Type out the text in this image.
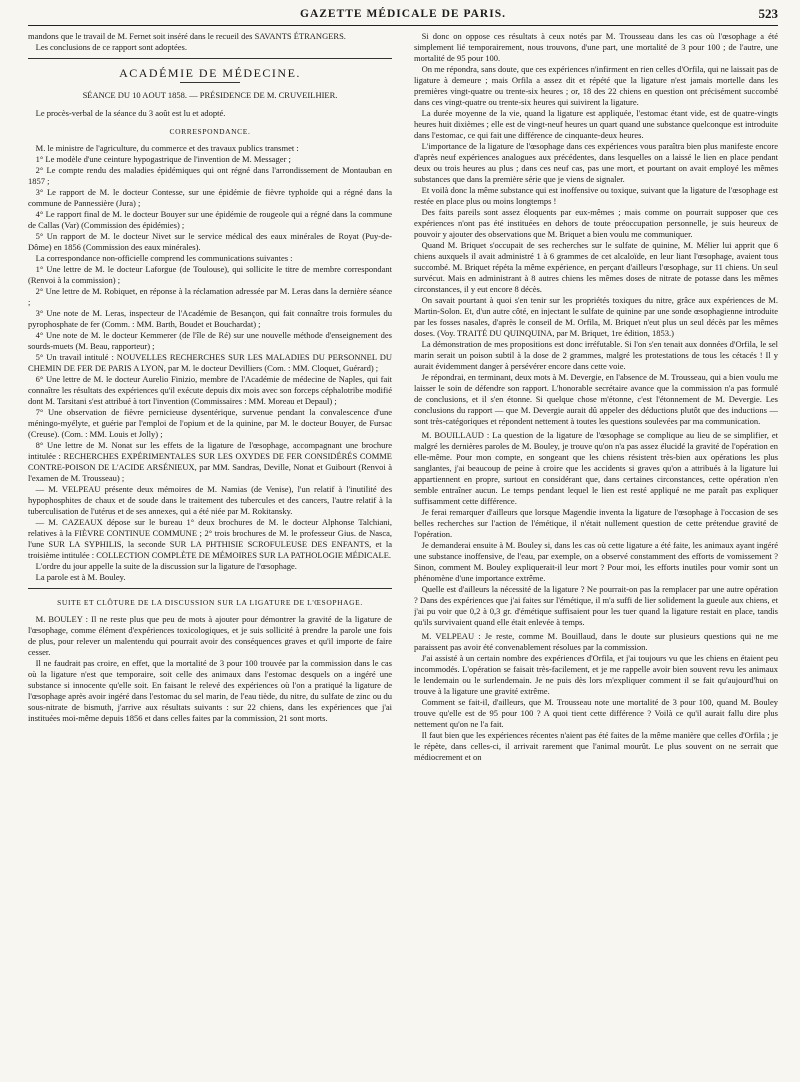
GAZETTE MÉDICALE DE PARIS.	523

mandons que le travail de M. Fernet soit inséré dans le recueil des SAVANTS ÉTRANGERS.

Les conclusions de ce rapport sont adoptées.

ACADÉMIE DE MÉDECINE.
SÉANCE DU 10 AOUT 1858. — PRÉSIDENCE DE M. CRUVEILHIER.

Le procès-verbal de la séance du 3 août est lu et adopté.

CORRESPONDANCE.

M. le ministre de l'agriculture, du commerce et des travaux publics transmet :

1° Le modèle d'une ceinture hypogastrique de l'invention de M. Messager ;

2° Le compte rendu des maladies épidémiques qui ont régné dans l'arrondissement de Montauban en 1857 ;

3° Le rapport de M. le docteur Contesse, sur une épidémie de fièvre typhoïde qui a régné dans la commune de Pannessière (Jura) ;

4° Le rapport final de M. le docteur Bouyer sur une épidémie de rougeole qui a régné dans la commune de Callas (Var) (Commission des épidémies) ;

5° Un rapport de M. le docteur Nivet sur le service médical des eaux minérales de Royat (Puy-de-Dôme) en 1856 (Commission des eaux minérales).

La correspondance non-officielle comprend les communications suivantes :

1° Une lettre de M. le docteur Laforgue (de Toulouse), qui sollicite le titre de membre correspondant (Renvoi à la commission) ;

2° Une lettre de M. Robiquet, en réponse à la réclamation adressée par M. Leras dans la dernière séance ;

3° Une note de M. Leras, inspecteur de l'Académie de Besançon, qui fait connaître trois formules du pyrophosphate de fer (Comm. : MM. Barth, Boudet et Bouchardat) ;

4° Une note de M. le docteur Kemmerer (de l'île de Ré) sur une nouvelle méthode d'enseignement des sourds-muets (M. Beau, rapporteur) ;

5° Un travail intitulé : NOUVELLES RECHERCHES SUR LES MALADIES DU PERSONNEL DU CHEMIN DE FER DE PARIS A LYON, par M. le docteur Devilliers (Com. : MM. Cloquet, Guérard) ;

6° Une lettre de M. le docteur Aurelio Finizio, membre de l'Académie de médecine de Naples, qui fait connaître les résultats des expériences qu'il exécute depuis dix mois avec son forceps céphalotribe modifié dont M. Tarsitani s'est attribué à tort l'invention (Commissaires : MM. Moreau et Depaul) ;

7° Une observation de fièvre pernicieuse dysentérique, survenue pendant la convalescence d'une méningo-myélyte, et guérie par l'emploi de l'opium et de la quinine, par M. le docteur Bouyer, de Fursac (Creuse). (Com. : MM. Louis et Jolly) ;

8° Une lettre de M. Nonat sur les effets de la ligature de l'œsophage, accompagnant une brochure intitulée : RECHERCHES EXPÉRIMENTALES SUR LES OXYDES DE FER CONSIDÉRÉS COMME CONTRE-POISON DE L'ACIDE ARSÉNIEUX, par MM. Sandras, Deville, Nonat et Guibourt (Renvoi à l'examen de M. Trousseau) ;

— M. VELPEAU présente deux mémoires de M. Namias (de Venise), l'un relatif à l'inutilité des hypophosphites de chaux et de soude dans le traitement des tubercules et des cancers, l'autre relatif à la tuberculisation de l'utérus et de ses annexes, qui a été niée par M. Rokitansky.

— M. CAZEAUX dépose sur le bureau 1° deux brochures de M. le docteur Alphonse Talchiani, relatives à la FIÈVRE CONTINUE COMMUNE ; 2° trois brochures de M. le professeur Gius. de Nasca, l'une SUR LA SYPHILIS, la seconde SUR LA PHTHISIE SCROFULEUSE DES ENFANTS, et la troisième intitulée : COLLECTION COMPLÈTE DE MÉMOIRES SUR LA PATHOLOGIE MÉDICALE.

L'ordre du jour appelle la suite de la discussion sur la ligature de l'œsophage.

La parole est à M. Bouley.

SUITE ET CLÔTURE DE LA DISCUSSION SUR LA LIGATURE DE L'ŒSOPHAGE.

M. BOULEY : Il ne reste plus que peu de mots à ajouter pour démontrer la gravité de la ligature de l'œsophage, comme élément d'expériences toxicologiques, et je suis sollicité à prendre la parole une fois de plus, pour relever un malentendu qui pourrait avoir des conséquences graves et qu'il importe de faire cesser.

Il ne faudrait pas croire, en effet, que la mortalité de 3 pour 100 trouvée par la commission dans le cas où la ligature n'est que temporaire, soit celle des animaux dans l'estomac desquels on a ingéré une substance si innocente qu'elle soit. En faisant le relevé des expériences où l'on a pratiqué la ligature de l'œsophage après avoir ingéré dans l'estomac du sel marin, de l'eau tiède, du nitre, du sulfate de zinc ou du sous-nitrate de bismuth, j'arrive aux résultats suivants : sur 22 chiens, dans les expériences que j'ai instituées moi-même depuis 1856 et dans celles faites par la commission, 21 sont morts.

Si donc on oppose ces résultats à ceux notés par M. Trousseau dans les cas où l'œsophage a été simplement lié temporairement, nous trouvons, d'une part, une mortalité de 3 pour 100 ; de l'autre, une mortalité de 95 pour 100.

On me répondra, sans doute, que ces expériences n'infirment en rien celles d'Orfila, qui ne laissait pas de ligature à demeure ; mais Orfila a assez dit et répété que la ligature n'est jamais mortelle dans les premières vingt-quatre ou trente-six heures ; or, 18 des 22 chiens en question ont précisément succombé dans ces vingt-quatre ou trente-six heures qui suivirent la ligature.

La durée moyenne de la vie, quand la ligature est appliquée, l'estomac étant vide, est de quatre-vingts heures huit dixièmes ; elle est de vingt-neuf heures un quart quand une substance quelconque est introduite dans l'estomac, ce qui fait une différence de cinquante-deux heures.

L'importance de la ligature de l'œsophage dans ces expériences vous paraîtra bien plus manifeste encore d'après neuf expériences analogues aux précédentes, dans lesquelles on a laissé le lien en place pendant deux ou trois heures au plus ; dans ces neuf cas, pas une mort, et pourtant on avait employé les mêmes substances que dans la première série que je viens de signaler.

Et voilà donc la même substance qui est inoffensive ou toxique, suivant que la ligature de l'œsophage est restée en place plus ou moins longtemps !

Des faits pareils sont assez éloquents par eux-mêmes ; mais comme on pourrait supposer que ces expériences n'ont pas été instituées en dehors de toute préoccupation personnelle, je suis heureux de pouvoir y ajouter des observations que M. Briquet a bien voulu me communiquer.

Quand M. Briquet s'occupait de ses recherches sur le sulfate de quinine, M. Mélier lui apprit que 6 chiens auxquels il avait administré 1 à 6 grammes de cet alcaloïde, en leur liant l'œsophage, avaient tous succombé. M. Briquet répéta la même expérience, en perçant d'ailleurs l'œsophage, sur 11 chiens. Un seul survécut. Mais en administrant à 8 autres chiens les mêmes doses de nitrate de potasse dans les mêmes circonstances, il y eut encore 8 décès.

On savait pourtant à quoi s'en tenir sur les propriétés toxiques du nitre, grâce aux expériences de M. Martin-Solon. Et, d'un autre côté, en injectant le sulfate de quinine par une sonde œsophagienne introduite par les fosses nasales, d'après le conseil de M. Orfila, M. Briquet n'eut plus un seul décès par les mêmes doses. (Voy. TRAITÉ DU QUINQUINA, par M. Briquet, 1re édition, 1853.)

La démonstration de mes propositions est donc irréfutable. Si l'on s'en tenait aux données d'Orfila, le sel marin serait un poison subtil à la dose de 2 grammes, malgré les protestations de tous les cétacés ! Il y aurait évidemment danger à persévérer encore dans cette voie.

Je répondrai, en terminant, deux mots à M. Devergie, en l'absence de M. Trousseau, qui a bien voulu me laisser le soin de défendre son rapport. L'honorable secrétaire avance que la commission n'a pas formulé de conclusions, et il s'en étonne. Si quelque chose m'étonne, c'est l'étonnement de M. Devergie. Les conclusions du rapport — que M. Devergie aurait dû appeler des déductions plutôt que des inductions — sont très-catégoriques et répondent nettement à toutes les questions soulevées par ma communication.

M. BOUILLAUD : La question de la ligature de l'œsophage se complique au lieu de se simplifier, et malgré les dernières paroles de M. Bouley, je trouve qu'on n'a pas assez élucidé la gravité de l'opération en elle-même. Pour mon compte, en songeant que les chiens résistent très-bien aux opérations les plus sanglantes, j'ai beaucoup de peine à croire que les accidents si graves qu'on a attribués à la ligature lui appartiennent en propre, surtout en considérant que, dans certaines circonstances, cette opération n'en semble entraîner aucun. Le temps pendant lequel le lien est resté appliqué ne me paraît pas expliquer suffisamment cette différence.

Je ferai remarquer d'ailleurs que lorsque Magendie inventa la ligature de l'œsophage à l'occasion de ses belles recherches sur l'action de l'émétique, il n'était nullement question de cette prétendue gravité de l'opération.

Je demanderai ensuite à M. Bouley si, dans les cas où cette ligature a été faite, les animaux ayant ingéré une substance inoffensive, de l'eau, par exemple, on a observé constamment des efforts de vomissement ? Sinon, comment M. Bouley expliquerait-il leur mort ? Pour moi, les efforts inutiles pour vomir sont un phénomène d'une importance extrême.

Quelle est d'ailleurs la nécessité de la ligature ? Ne pourrait-on pas la remplacer par une autre opération ? Dans des expériences que j'ai faites sur l'émétique, il m'a suffi de lier solidement la gueule aux chiens, et j'ai pu voir que 0,2 à 0,3 gr. d'émétique suffisaient pour les tuer quand la ligature restait en place, tandis qu'ils survivaient quand elle était enlevée à temps.

M. VELPEAU : Je reste, comme M. Bouillaud, dans le doute sur plusieurs questions qui ne me paraissent pas avoir été convenablement résolues par la commission.

J'ai assisté à un certain nombre des expériences d'Orfila, et j'ai toujours vu que les chiens en étaient peu incommodés. L'opération se faisait très-facilement, et je me rappelle avoir bien souvent revu les animaux le lendemain ou le surlendemain. Je ne puis dès lors m'expliquer comment il se fait qu'aujourd'hui on trouve à la ligature une gravité extrême.

Comment se fait-il, d'ailleurs, que M. Trousseau note une mortalité de 3 pour 100, quand M. Bouley trouve qu'elle est de 95 pour 100 ? A quoi tient cette différence ? Voilà ce qu'il aurait fallu dire plus nettement qu'on ne l'a fait.

Il faut bien que les expériences récentes n'aient pas été faites de la même manière que celles d'Orfila ; je le répète, dans celles-ci, il arrivait rarement que l'animal mourût. Le plus souvent on ne serrait que médiocrement et on
